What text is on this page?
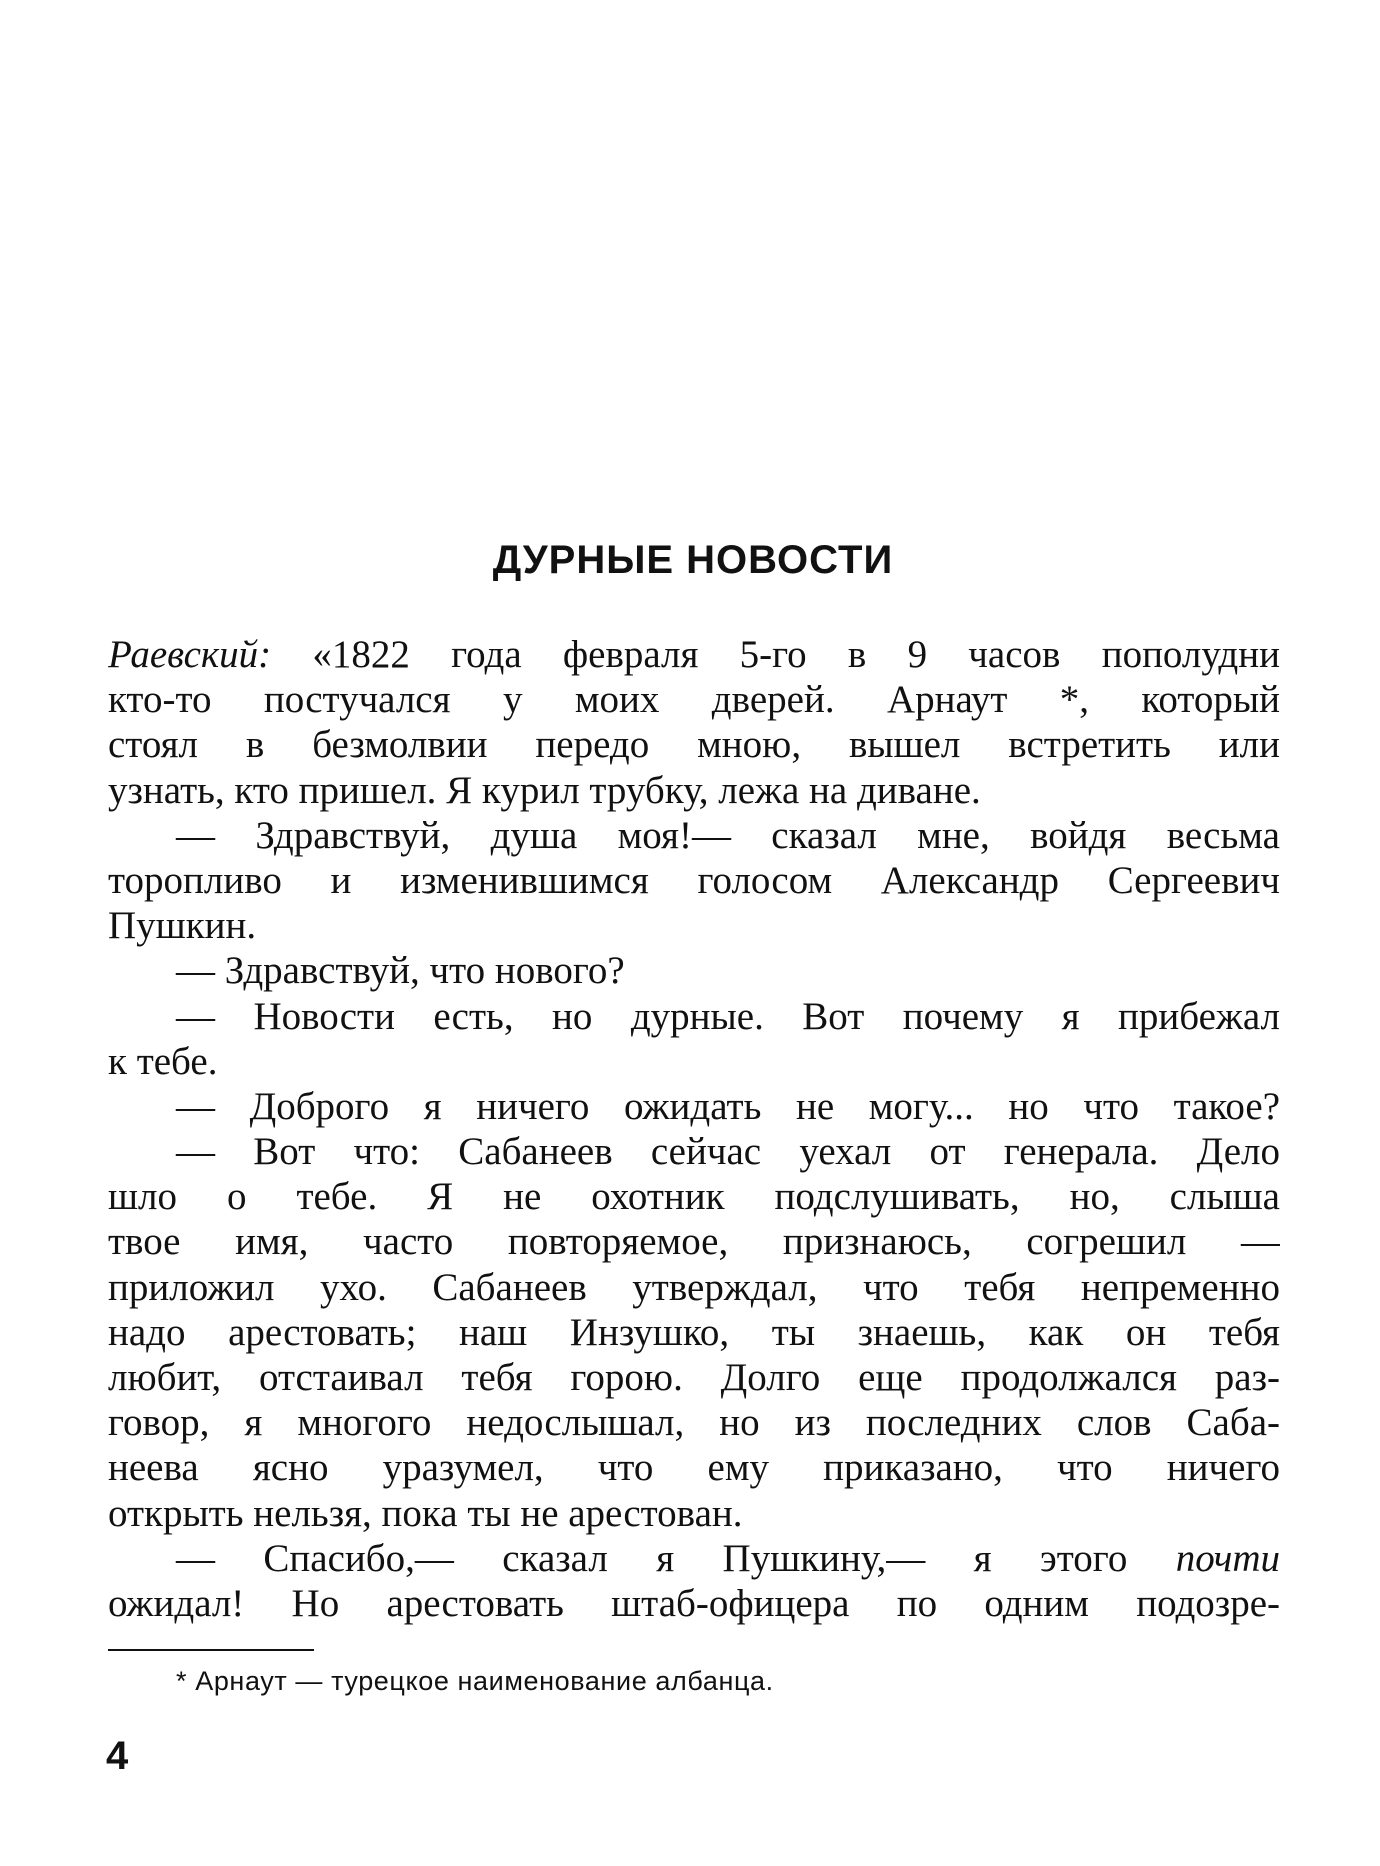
ДУРНЫЕ НОВОСТИ
Раевский: «1822 года февраля 5-го в 9 часов пополудни
кто-то постучался у моих дверей. Арнаут *, который
стоял в безмолвии передо мною, вышел встретить или
узнать, кто пришел. Я курил трубку, лежа на диване.
— Здравствуй, душа моя!— сказал мне, войдя весьма
торопливо и изменившимся голосом Александр Сергеевич
Пушкин.
— Здравствуй, что нового?
— Новости есть, но дурные. Вот почему я прибежал
к тебе.
— Доброго я ничего ожидать не могу... но что такое?
— Вот что: Сабанеев сейчас уехал от генерала. Дело
шло о тебе. Я не охотник подслушивать, но, слыша
твое имя, часто повторяемое, признаюсь, согрешил —
приложил ухо. Сабанеев утверждал, что тебя непременно
надо арестовать; наш Инзушко, ты знаешь, как он тебя
любит, отстаивал тебя горою. Долго еще продолжался раз-
говор, я многого недослышал, но из последних слов Саба-
неева ясно уразумел, что ему приказано, что ничего
открыть нельзя, пока ты не арестован.
— Спасибо,— сказал я Пушкину,— я этого почти
ожидал! Но арестовать штаб-офицера по одним подозре-
* Арнаут — турецкое наименование албанца.
4
